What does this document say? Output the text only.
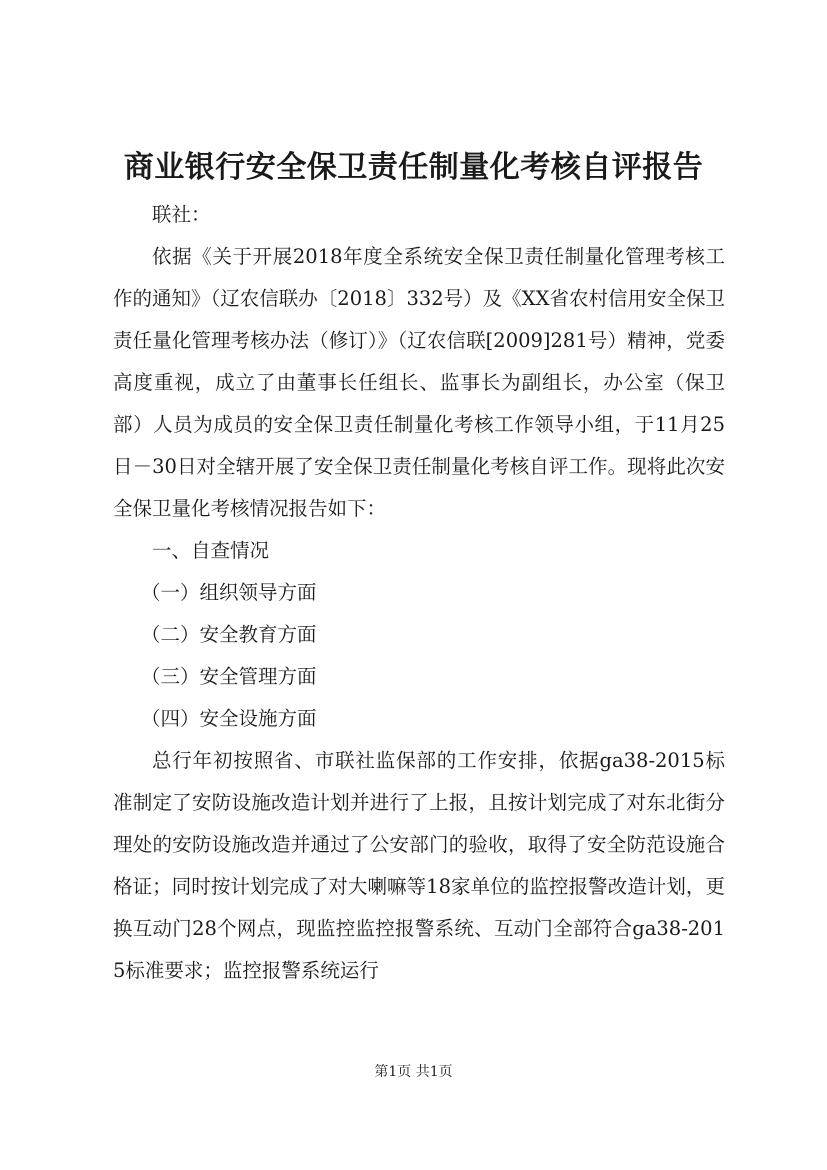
商业银行安全保卫责任制量化考核自评报告

联社：

依据《关于开展2018年度全系统安全保卫责任制量化管理考核工作的通知》（辽农信联办〔2018〕332号）及《XX省农村信用安全保卫责任量化管理考核办法（修订）》（辽农信联[2009]281号）精神，党委高度重视，成立了由董事长任组长、监事长为副组长，办公室（保卫部）人员为成员的安全保卫责任制量化考核工作领导小组，于11月25日－30日对全辖开展了安全保卫责任制量化考核自评工作。现将此次安全保卫量化考核情况报告如下：

一、自查情况

（一）组织领导方面

（二）安全教育方面

（三）安全管理方面

（四）安全设施方面

总行年初按照省、市联社监保部的工作安排，依据ga38-2015标准制定了安防设施改造计划并进行了上报，且按计划完成了对东北街分理处的安防设施改造并通过了公安部门的验收，取得了安全防范设施合格证；同时按计划完成了对大喇嘛等18家单位的监控报警改造计划，更换互动门28个网点，现监控监控报警系统、互动门全部符合ga38-2015标准要求；监控报警系统运行

第1页 共1页
